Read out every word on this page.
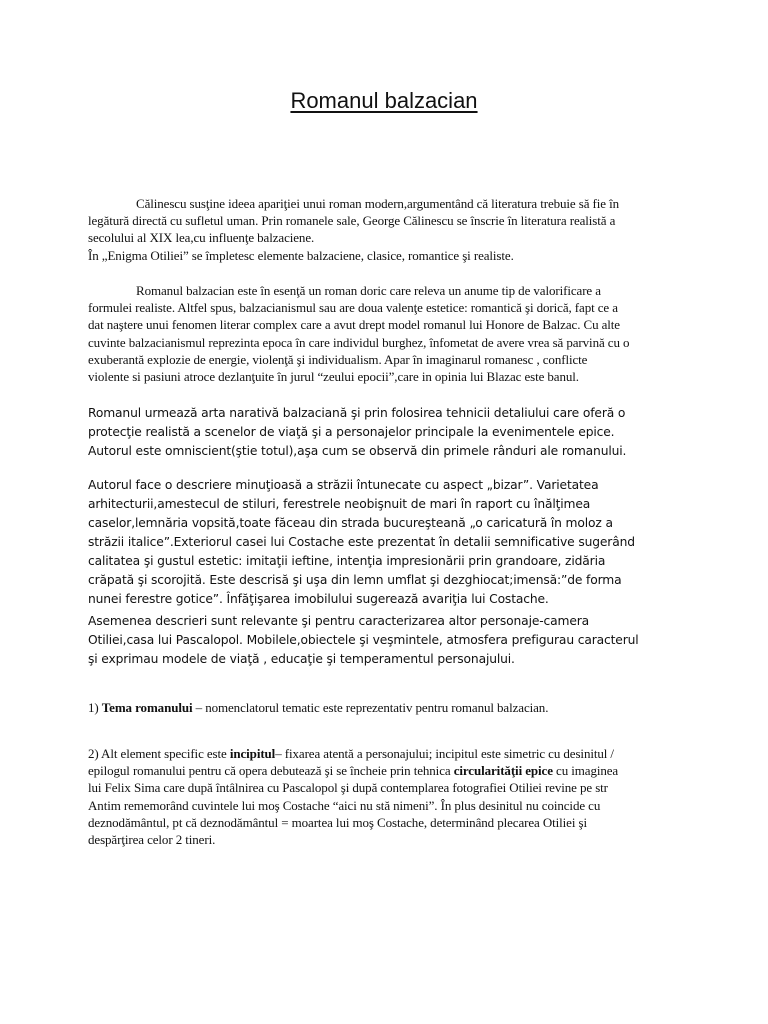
Romanul balzacian

Călinescu susţine ideea apariţiei unui roman modern,argumentând că literatura trebuie să fie în
legătură directă cu sufletul uman. Prin romanele sale, George Călinescu se înscrie în literatura realistă a
secolului al XIX lea,cu influenţe balzaciene.
În „Enigma Otiliei” se împletesc elemente balzaciene, clasice, romantice şi realiste.

Romanul balzacian este în esenţă un roman doric care releva un anume tip de valorificare a
formulei realiste. Altfel spus, balzacianismul sau are doua valenţe estetice: romantică şi dorică, fapt ce a
dat naştere unui fenomen literar complex care a avut drept model romanul lui Honore de Balzac. Cu alte
cuvinte balzacianismul reprezinta epoca în care individul burghez, înfometat de avere vrea să parvină cu o
exuberantă explozie de energie, violenţă şi individualism. Apar în imaginarul romanesc , conflicte
violente si pasiuni atroce dezlanţuite în jurul “zeului epocii”,care in opinia lui Blazac este banul.

Romanul urmează arta narativă balzaciană şi prin folosirea tehnicii detaliului care oferă o
protecţie realistă a scenelor de viaţă şi a personajelor principale la evenimentele epice.
Autorul este omniscient(ştie totul),aşa cum se observă din primele rânduri ale romanului.

Autorul face o descriere minuţioasă a străzii întunecate cu aspect „bizar”. Varietatea
arhitecturii,amestecul de stiluri, ferestrele neobişnuit de mari în raport cu înălţimea
caselor,lemnăria vopsită,toate făceau din strada bucureşteană „o caricatură în moloz a
străzii italice”.Exteriorul casei lui Costache este prezentat în detalii semnificative sugerând
calitatea şi gustul estetic: imitaţii ieftine, intenţia impresionării prin grandoare, zidăria
crăpată şi scorojită. Este descrisă şi uşa din lemn umflat şi dezghiocat;imensă:”de forma
nunei ferestre gotice”. Înfăţişarea imobilului sugerează avariţia lui Costache.

Asemenea descrieri sunt relevante şi pentru caracterizarea altor personaje-camera
Otiliei,casa lui Pascalopol. Mobilele,obiectele şi veşmintele, atmosfera prefigurau caracterul
şi exprimau modele de viaţă , educaţie şi temperamentul personajului.

1) Tema romanului – nomenclatorul tematic este reprezentativ pentru romanul balzacian.

2) Alt element specific este incipitul– fixarea atentă a personajului; incipitul este simetric cu desinitul /
epilogul romanului pentru că opera debutează şi se încheie prin tehnica circularităţii epice cu imaginea
lui Felix Sima care după întâlnirea cu Pascalopol şi după contemplarea fotografiei Otiliei revine pe str
Antim rememorând cuvintele lui moş Costache “aici nu stă nimeni”. În plus desinitul nu coincide cu
deznodământul, pt că deznodământul = moartea lui moş Costache, determinând plecarea Otiliei şi
despărţirea celor 2 tineri.
